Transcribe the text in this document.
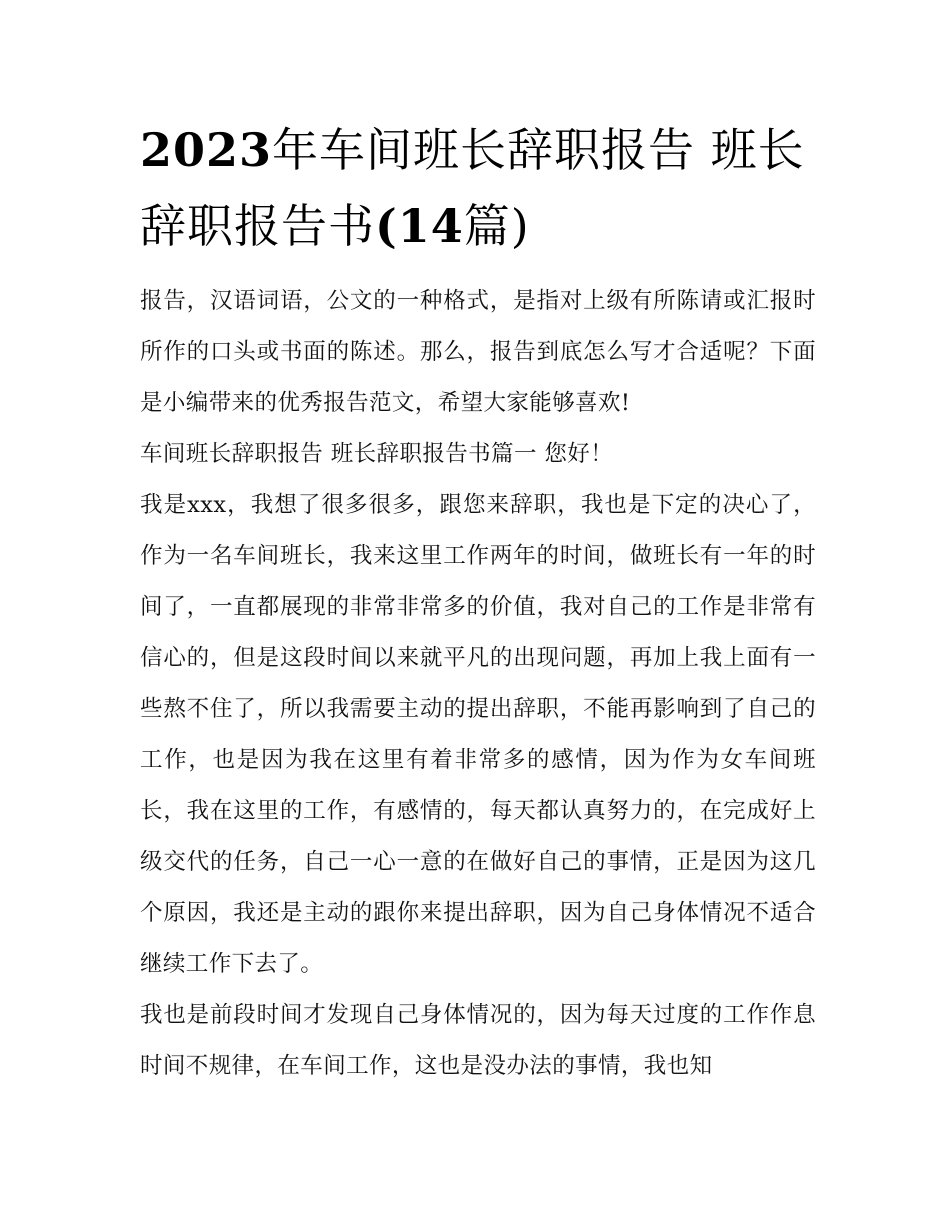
2023年车间班长辞职报告 班长辞职报告书(14篇)

报告，汉语词语，公文的一种格式，是指对上级有所陈请或汇报时所作的口头或书面的陈述。那么，报告到底怎么写才合适呢？下面是小编带来的优秀报告范文，希望大家能够喜欢!

车间班长辞职报告 班长辞职报告书篇一 您好！

我是xxx，我想了很多很多，跟您来辞职，我也是下定的决心了，作为一名车间班长，我来这里工作两年的时间，做班长有一年的时间了，一直都展现的非常非常多的价值，我对自己的工作是非常有信心的，但是这段时间以来就平凡的出现问题，再加上我上面有一些熬不住了，所以我需要主动的提出辞职，不能再影响到了自己的工作，也是因为我在这里有着非常多的感情，因为作为女车间班长，我在这里的工作，有感情的，每天都认真努力的，在完成好上级交代的任务，自己一心一意的在做好自己的事情，正是因为这几个原因，我还是主动的跟你来提出辞职，因为自己身体情况不适合继续工作下去了。

我也是前段时间才发现自己身体情况的，因为每天过度的工作作息时间不规律，在车间工作，这也是没办法的事情，我也知
